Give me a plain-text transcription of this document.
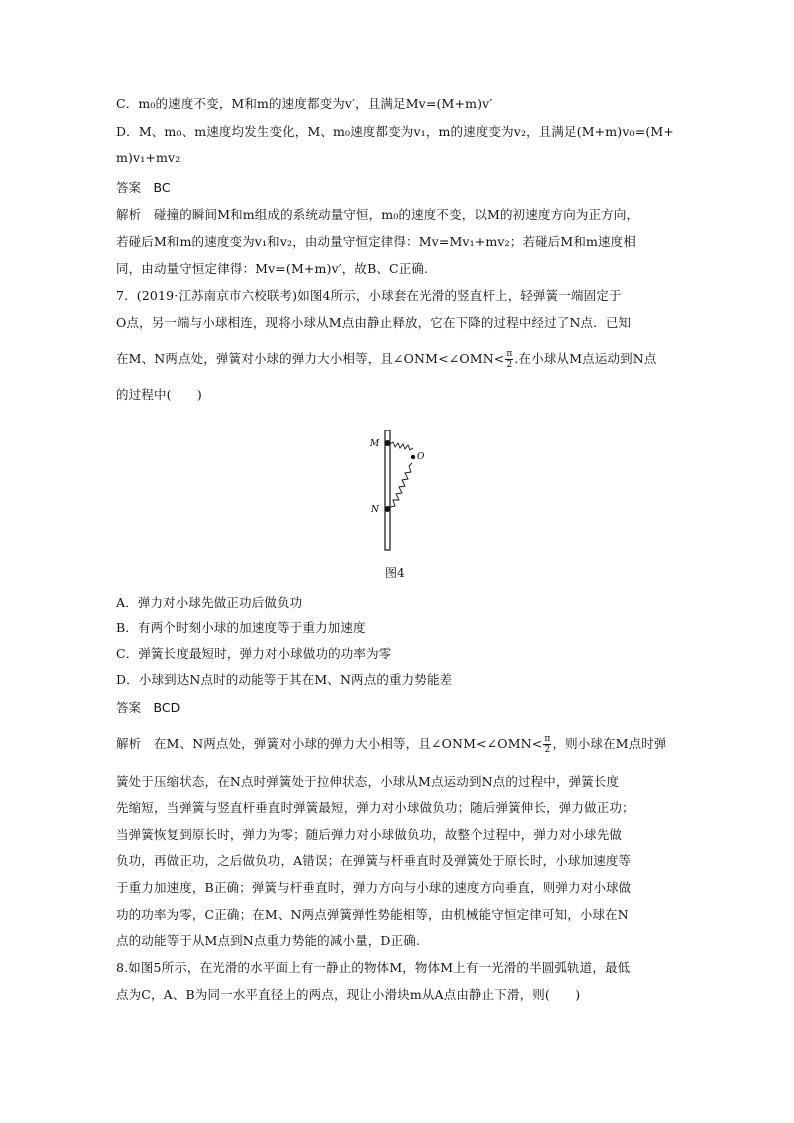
C．m₀的速度不变，M和m的速度都变为v′，且满足Mv=(M+m)v′
D．M、m₀、m速度均发生变化，M、m₀速度都变为v₁，m的速度变为v₂，且满足(M+m)v₀=(M+
m)v₁+mv₂
答案　BC
解析　碰撞的瞬间M和m组成的系统动量守恒，m₀的速度不变，以M的初速度方向为正方向，
若碰后M和m的速度变为v₁和v₂，由动量守恒定律得：Mv=Mv₁+mv₂；若碰后M和m速度相
同，由动量守恒定律得：Mv=(M+m)v′，故B、C正确.
7．(2019·江苏南京市六校联考)如图4所示，小球套在光滑的竖直杆上，轻弹簧一端固定于
O点，另一端与小球相连，现将小球从M点由静止释放，它在下降的过程中经过了N点．已知
在M、N两点处，弹簧对小球的弹力大小相等，且∠ONM<∠OMN< $\frac{\pi}{2}$ .在小球从M点运动到N点
的过程中(　　)
M
N
O
图4
A．弹力对小球先做正功后做负功
B．有两个时刻小球的加速度等于重力加速度
C．弹簧长度最短时，弹力对小球做功的功率为零
D．小球到达N点时的动能等于其在M、N两点的重力势能差
答案　BCD
解析　在M、N两点处，弹簧对小球的弹力大小相等，且∠ONM<∠OMN< $\frac{\pi}{2}$ ，则小球在M点时弹
簧处于压缩状态，在N点时弹簧处于拉伸状态，小球从M点运动到N点的过程中，弹簧长度
先缩短，当弹簧与竖直杆垂直时弹簧最短，弹力对小球做负功；随后弹簧伸长，弹力做正功；
当弹簧恢复到原长时，弹力为零；随后弹力对小球做负功，故整个过程中，弹力对小球先做
负功，再做正功，之后做负功，A错误；在弹簧与杆垂直时及弹簧处于原长时，小球加速度等
于重力加速度，B正确；弹簧与杆垂直时，弹力方向与小球的速度方向垂直，则弹力对小球做
功的功率为零，C正确；在M、N两点弹簧弹性势能相等，由机械能守恒定律可知，小球在N
点的动能等于从M点到N点重力势能的减小量，D正确.
8.如图5所示，在光滑的水平面上有一静止的物体M，物体M上有一光滑的半圆弧轨道，最低
点为C，A、B为同一水平直径上的两点，现让小滑块m从A点由静止下滑，则(　　)
